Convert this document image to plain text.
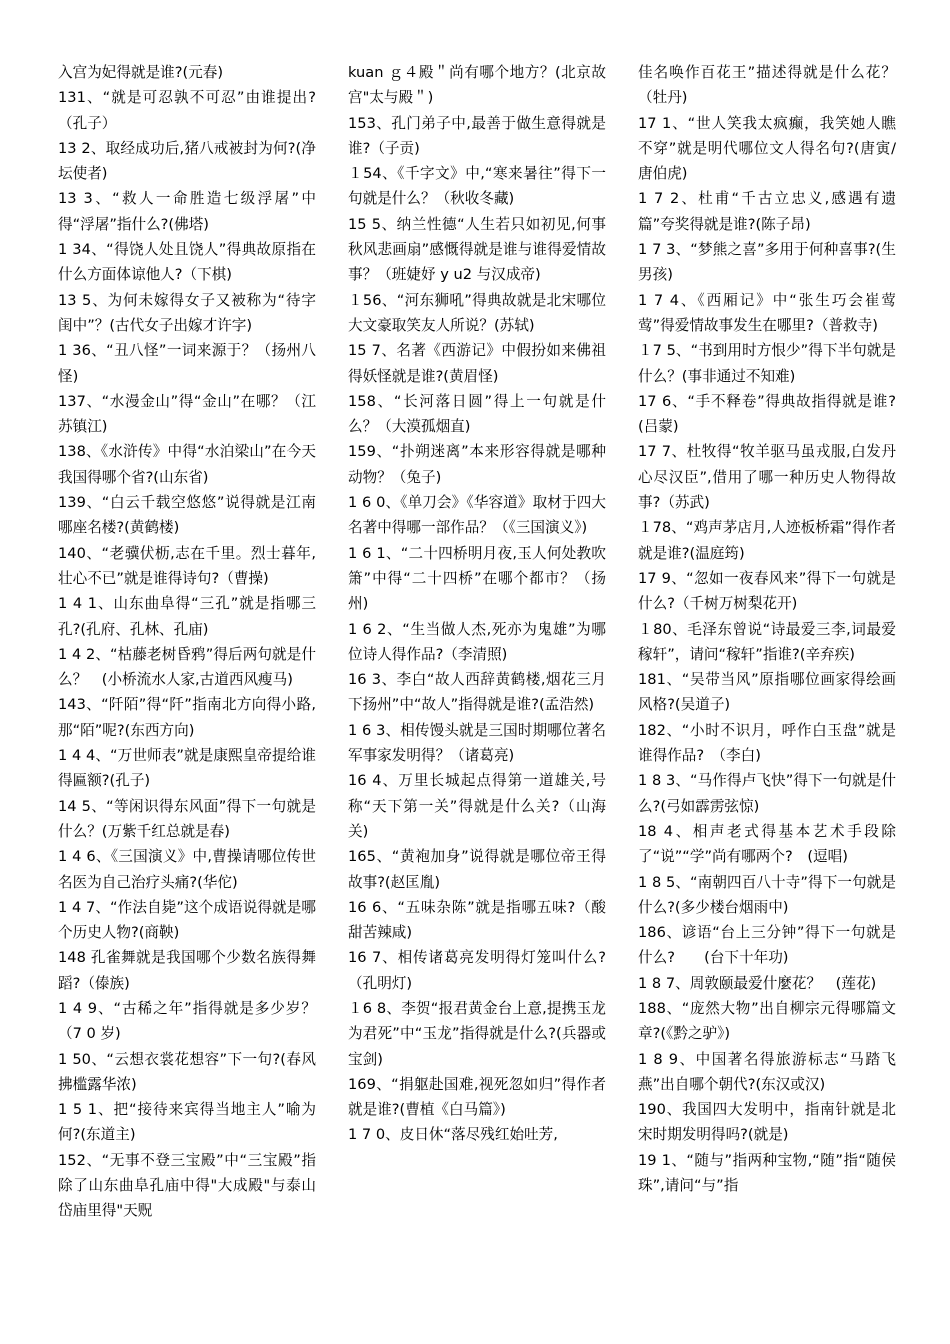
入宫为妃得就是谁?(元春)

131、“就是可忍孰不可忍”由谁提出?（孔子）

13 2、取经成功后,猪八戒被封为何?(净坛使者)

13 3、“救人一命胜造七级浮屠”中得“浮屠”指什么?(佛塔)

1 34、“得饶人处且饶人”得典故原指在什么方面体谅他人?（下棋)

13 5、为何未嫁得女子又被称为“待字闺中”？(古代女子出嫁才许字)

1 36、“丑八怪”一词来源于？（扬州八怪)

137、“水漫金山”得“金山”在哪？（江苏镇江)

138、《水浒传》中得“水泊梁山”在今天我国得哪个省?(山东省)

139、“白云千载空悠悠”说得就是江南哪座名楼?(黄鹤楼)

140、“老骥伏枥,志在千里。烈士暮年,壮心不已”就是谁得诗句?（曹操)

1 4 1、山东曲阜得“三孔”就是指哪三孔?(孔府、孔林、孔庙)

1 4 2、“枯藤老树昏鸦”得后两句就是什么？　(小桥流水人家,古道西风瘦马)

143、“阡陌”得“阡”指南北方向得小路,那“陌”呢?(东西方向)

1 4 4、“万世师表”就是康熙皇帝提给谁得匾额?(孔子)

14 5、“等闲识得东风面”得下一句就是什么？(万紫千红总就是春)

1 4 6、《三国演义》中,曹操请哪位传世名医为自己治疗头痛?(华佗)

1 4 7、“作法自毙”这个成语说得就是哪个历史人物?(商鞅)

148 孔雀舞就是我国哪个少数名族得舞蹈?（傣族)

1 4 9、“古稀之年”指得就是多少岁？（7 0 岁)

1 50、“云想衣裳花想容”下一句?(春风拂槛露华浓)

1 5 1、把“接待来宾得当地主人”喻为何?(东道主)

152、“无事不登三宝殿”中“三宝殿”指除了山东曲阜孔庙中得"大成殿"与泰山岱庙里得"天贶

kuan ｇ４殿＂尚有哪个地方？(北京故宫"太与殿＂)

153、孔门弟子中,最善于做生意得就是谁?（子贡)

１54、《千字文》中,“寒来暑往”得下一句就是什么？（秋收冬藏)

15 5、纳兰性德“人生若只如初见,何事秋风悲画扇”感慨得就是谁与谁得爱情故事？（班婕妤 y u2 与汉成帝)

１56、“河东狮吼”得典故就是北宋哪位大文豪取笑友人所说？(苏轼)

15 7、名著《西游记》中假扮如来佛祖得妖怪就是谁?(黄眉怪)

158、“长河落日圆”得上一句就是什么？（大漠孤烟直)

159、“扑朔迷离”本来形容得就是哪种动物？（兔子)

1 6 0、《单刀会》《华容道》取材于四大名著中得哪一部作品？（《三国演义》)

1 6 1、“二十四桥明月夜,玉人何处教吹箫”中得“二十四桥”在哪个都市？（扬州)

1 6 2、“生当做人杰,死亦为鬼雄”为哪位诗人得作品?（李清照)

16 3、李白“故人西辞黄鹤楼,烟花三月下扬州”中“故人”指得就是谁?(孟浩然)

1 6 3、相传馒头就是三国时期哪位著名军事家发明得？（诸葛亮)

16 4、万里长城起点得第一道雄关,号称“天下第一关”得就是什么关?（山海关)

165、“黄袍加身”说得就是哪位帝王得故事?(赵匡胤)

16 6、“五味杂陈”就是指哪五味?（酸甜苦辣咸)

16 7、相传诸葛亮发明得灯笼叫什么?（孔明灯)

１6 8、李贺“报君黄金台上意,提携玉龙为君死”中“玉龙”指得就是什么?(兵器或宝剑)

169、“捐躯赴国难,视死忽如归”得作者就是谁?(曹植《白马篇》)

1 7 0、皮日休“落尽残红始吐芳,

佳名唤作百花王”描述得就是什么花？（牡丹)

17 1、“世人笑我太疯癫，我笑她人瞧不穿”就是明代哪位文人得名句?(唐寅/唐伯虎)

1 7 2、杜甫“千古立忠义,感遇有遗篇”夸奖得就是谁?(陈子昂)

1 7 3、“梦熊之喜”多用于何种喜事?(生男孩)

1 7 4、《西厢记》中“张生巧会崔莺莺”得爱情故事发生在哪里?（普救寺)

１7 5、“书到用时方恨少”得下半句就是什么？(事非通过不知难)

17 6、“手不释卷”得典故指得就是谁?(吕蒙)

17 7、杜牧得“牧羊驱马虽戎服,白发丹心尽汉臣”,借用了哪一种历史人物得故事?（苏武)

１78、“鸡声茅店月,人迹板桥霜”得作者就是谁?(温庭筠)

17 9、“忽如一夜春风来”得下一句就是什么?（千树万树梨花开)

１80、毛泽东曾说“诗最爱三李,词最爱稼轩”，请问“稼轩”指谁?(辛弃疾)

181、“吴带当风”原指哪位画家得绘画风格?(吴道子)

182、“小时不识月，呼作白玉盘”就是谁得作品?　（李白)

1 8 3、“马作得卢飞快”得下一句就是什么?(弓如霹雳弦惊)

18 4、相声老式得基本艺术手段除了“说”“学”尚有哪两个?　(逗唱)

1 8 5、“南朝四百八十寺”得下一句就是什么?(多少楼台烟雨中)

186、谚语“台上三分钟”得下一句就是什么?　　(台下十年功)

1 8 7、周敦颐最爱什麼花？　(莲花)

188、“庞然大物”出自柳宗元得哪篇文章?(《黔之驴》)

1 8 9、中国著名得旅游标志“马踏飞燕”出自哪个朝代?(东汉或汉)

190、我国四大发明中，指南针就是北宋时期发明得吗?(就是)

19 1、“随与”指两种宝物,“随”指“随侯珠”,请问“与”指
